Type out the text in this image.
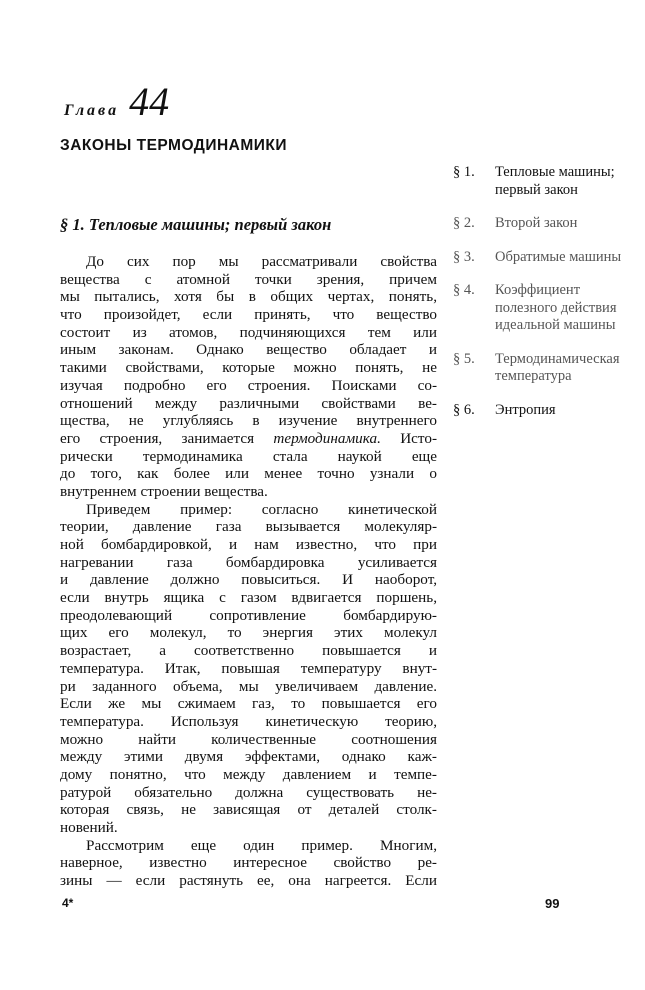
Глава 44
ЗАКОНЫ ТЕРМОДИНАМИКИ
§ 1. Тепловые машины; первый закон
До сих пор мы рассматривали свойства
вещества с атомной точки зрения, причем
мы пытались, хотя бы в общих чертах, понять,
что произойдет, если принять, что вещество
состоит из атомов, подчиняющихся тем или
иным законам. Однако вещество обладает и
такими свойствами, которые можно понять, не
изучая подробно его строения. Поисками со-
отношений между различными свойствами ве-
щества, не углубляясь в изучение внутреннего
его строения, занимается термодинамика. Исто-
рически термодинамика стала наукой еще
до того, как более или менее точно узнали о
внутреннем строении вещества.
Приведем пример: согласно кинетической
теории, давление газа вызывается молекуляр-
ной бомбардировкой, и нам известно, что при
нагревании газа бомбардировка усиливается
и давление должно повыситься. И наоборот,
если внутрь ящика с газом вдвигается поршень,
преодолевающий сопротивление бомбардирую-
щих его молекул, то энергия этих молекул
возрастает, а соответственно повышается и
температура. Итак, повышая температуру внут-
ри заданного объема, мы увеличиваем давление.
Если же мы сжимаем газ, то повышается его
температура. Используя кинетическую теорию,
можно найти количественные соотношения
между этими двумя эффектами, однако каж-
дому понятно, что между давлением и темпе-
ратурой обязательно должна существовать не-
которая связь, не зависящая от деталей столк-
новений.
Рассмотрим еще один пример. Многим,
наверное, известно интересное свойство ре-
зины — если растянуть ее, она нагреется. Если
§ 1.	Тепловые машины; первый закон
§ 2.	Второй закон
§ 3.	Обратимые машины
§ 4.	Коэффициент полезного действия идеальной машины
§ 5.	Термодинамическая температура
§ 6.	Энтропия
4*	99
